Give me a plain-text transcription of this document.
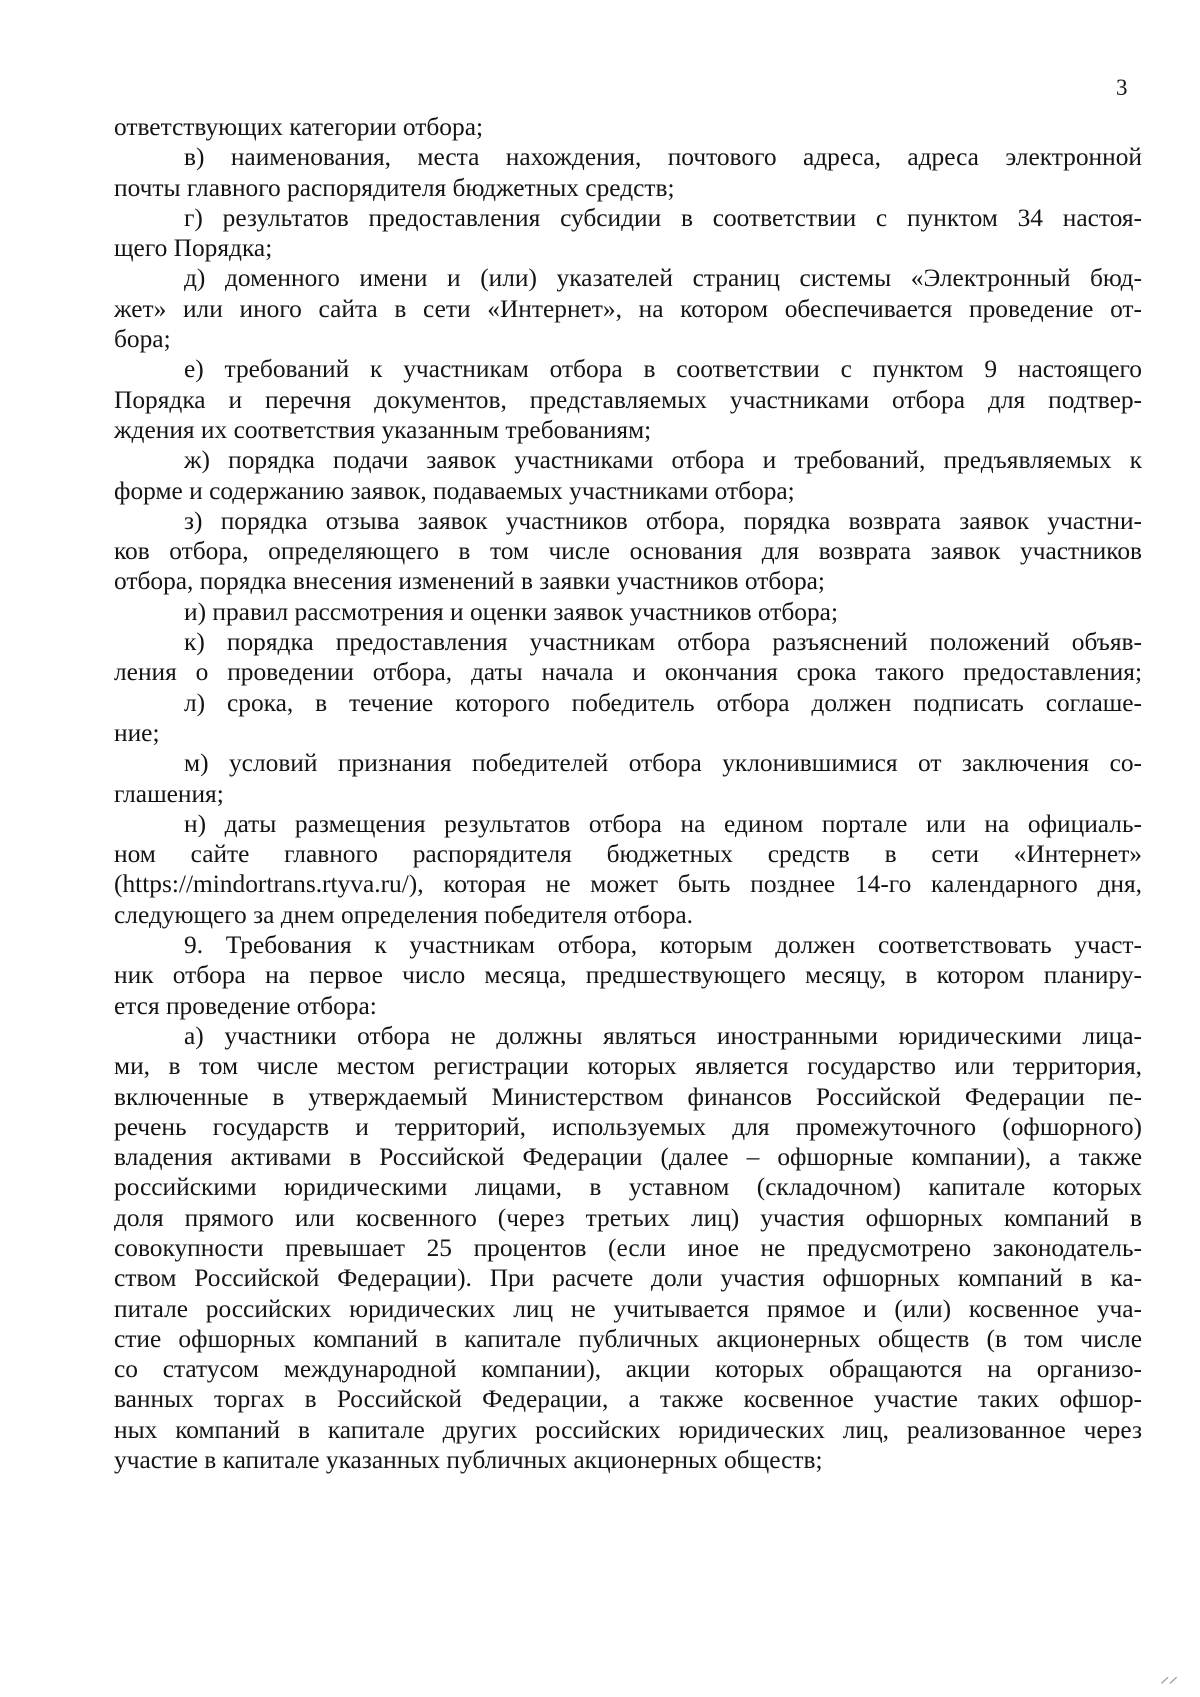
3
ответствующих категории отбора;
в) наименования, места нахождения, почтового адреса, адреса электронной
почты главного распорядителя бюджетных средств;
г) результатов предоставления субсидии в соответствии с пунктом 34 настоя-
щего Порядка;
д) доменного имени и (или) указателей страниц системы «Электронный бюд-
жет» или иного сайта в сети «Интернет», на котором обеспечивается проведение от-
бора;
е) требований к участникам отбора в соответствии с пунктом 9 настоящего
Порядка и перечня документов, представляемых участниками отбора для подтвер-
ждения их соответствия указанным требованиям;
ж) порядка подачи заявок участниками отбора и требований, предъявляемых к
форме и содержанию заявок, подаваемых участниками отбора;
з) порядка отзыва заявок участников отбора, порядка возврата заявок участни-
ков отбора, определяющего в том числе основания для возврата заявок участников
отбора, порядка внесения изменений в заявки участников отбора;
и) правил рассмотрения и оценки заявок участников отбора;
к) порядка предоставления участникам отбора разъяснений положений объяв-
ления о проведении отбора, даты начала и окончания срока такого предоставления;
л) срока, в течение которого победитель отбора должен подписать соглаше-
ние;
м) условий признания победителей отбора уклонившимися от заключения со-
глашения;
н) даты размещения результатов отбора на едином портале или на официаль-
ном сайте главного распорядителя бюджетных средств в сети «Интернет»
(https://mindortrans.rtyva.ru/), которая не может быть позднее 14-го календарного дня,
следующего за днем определения победителя отбора.
9. Требования к участникам отбора, которым должен соответствовать участ-
ник отбора на первое число месяца, предшествующего месяцу, в котором планиру-
ется проведение отбора:
а) участники отбора не должны являться иностранными юридическими лица-
ми, в том числе местом регистрации которых является государство или территория,
включенные в утверждаемый Министерством финансов Российской Федерации пе-
речень государств и территорий, используемых для промежуточного (офшорного)
владения активами в Российской Федерации (далее – офшорные компании), а также
российскими юридическими лицами, в уставном (складочном) капитале которых
доля прямого или косвенного (через третьих лиц) участия офшорных компаний в
совокупности превышает 25 процентов (если иное не предусмотрено законодатель-
ством Российской Федерации). При расчете доли участия офшорных компаний в ка-
питале российских юридических лиц не учитывается прямое и (или) косвенное уча-
стие офшорных компаний в капитале публичных акционерных обществ (в том числе
со статусом международной компании), акции которых обращаются на организо-
ванных торгах в Российской Федерации, а также косвенное участие таких офшор-
ных компаний в капитале других российских юридических лиц, реализованное через
участие в капитале указанных публичных акционерных обществ;
ᐟᐟ
